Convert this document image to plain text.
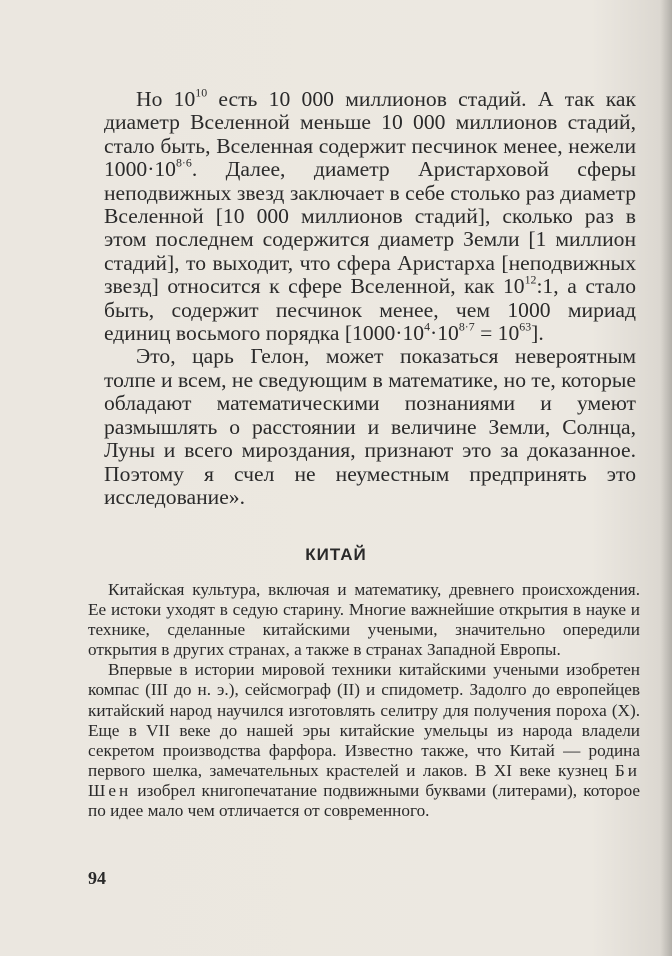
Но $10^{10}$ есть 10 000 миллионов стадий. А так как диаметр Вселенной меньше 10 000 миллионов стадий, стало быть, Вселенная содержит песчинок менее, нежели $1000\cdot 10^{8\cdot 6}$. Далее, диаметр Аристарховой сферы неподвижных звезд заключает в себе столько раз диаметр Вселенной [10 000 миллионов стадий], сколько раз в этом последнем содержится диаметр Земли [1 миллион стадий], то выходит, что сфера Аристарха [неподвижных звезд] относится к сфере Вселенной, как $10^{12}:1$, а стало быть, содержит песчинок менее, чем 1000 мириад единиц восьмого порядка $[1000\cdot 10^4\cdot 10^{8\cdot 7} = 10^{63}]$.

Это, царь Гелон, может показаться невероятным толпе и всем, не сведующим в математике, но те, которые обладают математическими познаниями и умеют размышлять о расстоянии и величине Земли, Солнца, Луны и всего мироздания, признают это за доказанное. Поэтому я счел не неуместным предпринять это исследование».

КИТАЙ

Китайская культура, включая и математику, древнего происхождения. Ее истоки уходят в седую старину. Многие важнейшие открытия в науке и технике, сделанные китайскими учеными, значительно опередили открытия в других странах, а также в странах Западной Европы.

Впервые в истории мировой техники китайскими учеными изобретен компас (III до н. э.), сейсмограф (II) и спидометр. Задолго до европейцев китайский народ научился изготовлять селитру для получения пороха (X). Еще в VII веке до нашей эры китайские умельцы из народа владели секретом производства фарфора. Известно также, что Китай — родина первого шелка, замечательных крастелей и лаков. В XI веке кузнец Би Шен изобрел книгопечатание подвижными буквами (литерами), которое по идее мало чем отличается от современного.

94
